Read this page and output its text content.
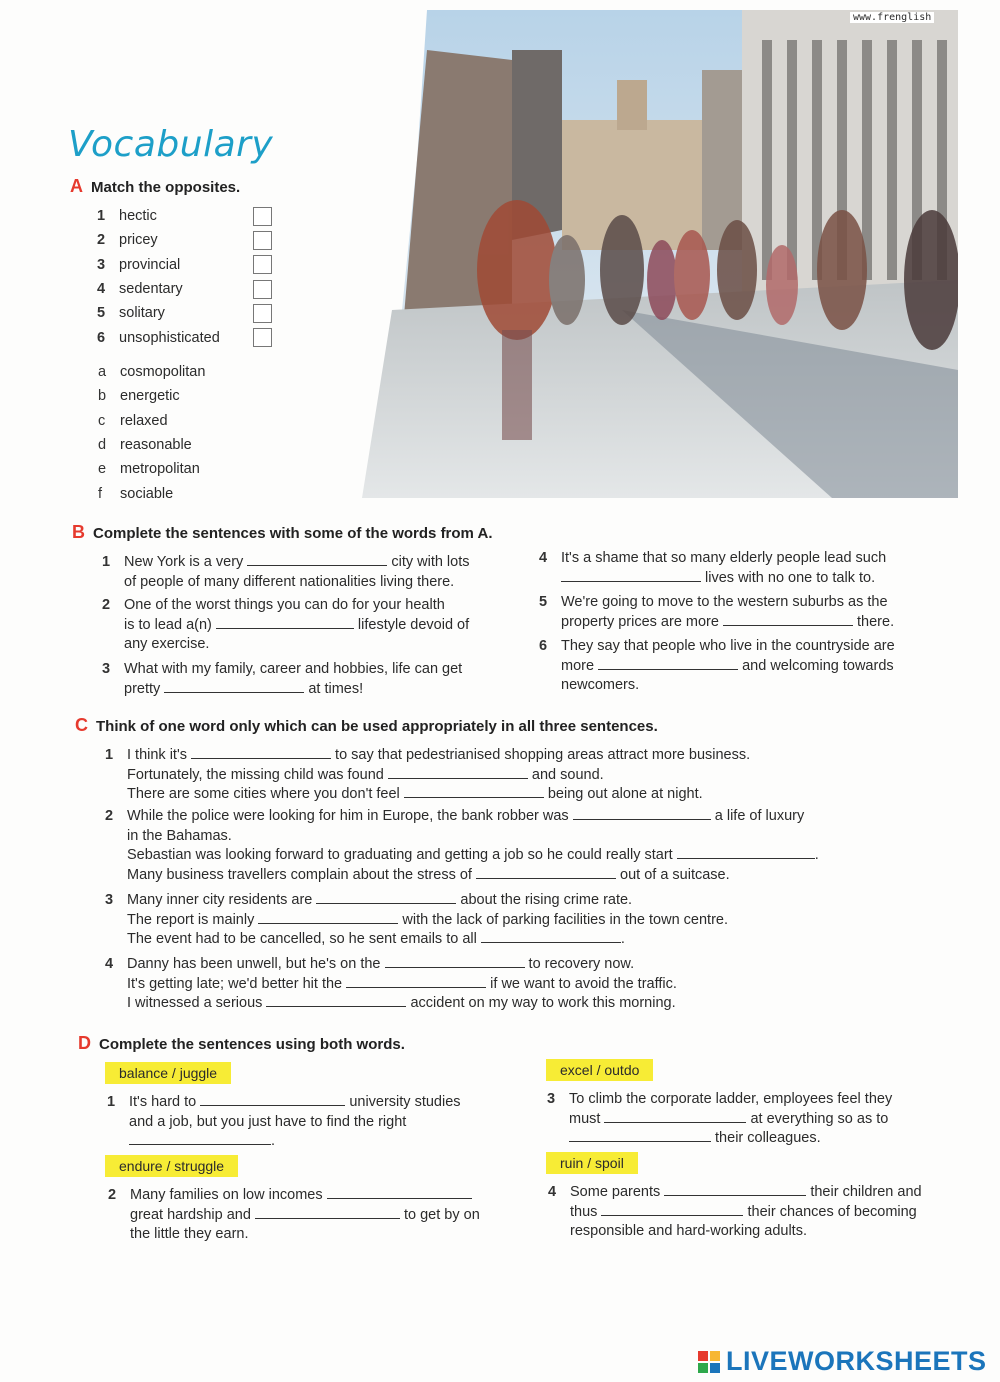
www.frenglish
Vocabulary
A Match the opposites.
1 hectic
2 pricey
3 provincial
4 sedentary
5 solitary
6 unsophisticated
a cosmopolitan
b energetic
c	relaxed
d reasonable
e metropolitan
f	sociable
B Complete the sentences with some of the words from A.
1 New York is a very	city with lots
of people of many different nationalities living there.
2 One of the worst things you can do for your health
is to lead a(n)	lifestyle devoid of
any exercise.
3 What with my family, career and hobbies, life can get
pretty	at times!
4 It's a shame that so many elderly people lead such
lives with no one to talk to.
5 We're going to move to the western suburbs as the
property prices are more	there.
6 They say that people who live in the countryside are
more	and welcoming towards
newcomers.
C Think of one word only which can be used appropriately in all three sentences.
1 I think it's	to say that pedestrianised shopping areas attract more business.
Fortunately, the missing child was found	and sound.
There are some cities where you don't feel	being out alone at night.
2 While the police were looking for him in Europe, the bank robber was	a life of luxury
in the Bahamas.
Sebastian was looking forward to graduating and getting a job so he could really start	.
Many business travellers complain about the stress of	out of a suitcase.
3 Many inner city residents are	about the rising crime rate.
The report is mainly	with the lack of parking facilities in the town centre.
The event had to be cancelled, so he sent emails to all	.
4 Danny has been unwell, but he's on the	to recovery now.
It's getting late; we'd better hit the	if we want to avoid the traffic.
I witnessed a serious	accident on my way to work this morning.
D Complete the sentences using both words.
balance / juggle
endure / struggle
excel / outdo
ruin / spoil
1 It's hard to	university studies
and a job, but you just have to find the right
.
2 Many families on low incomes
great hardship and	to get by on
the little they earn.
3 To climb the corporate ladder, employees feel they
must	at everything so as to
their colleagues.
4 Some parents	their children and
thus	their chances of becoming
responsible and hard-working adults.
LIVEWORKSHEETS
